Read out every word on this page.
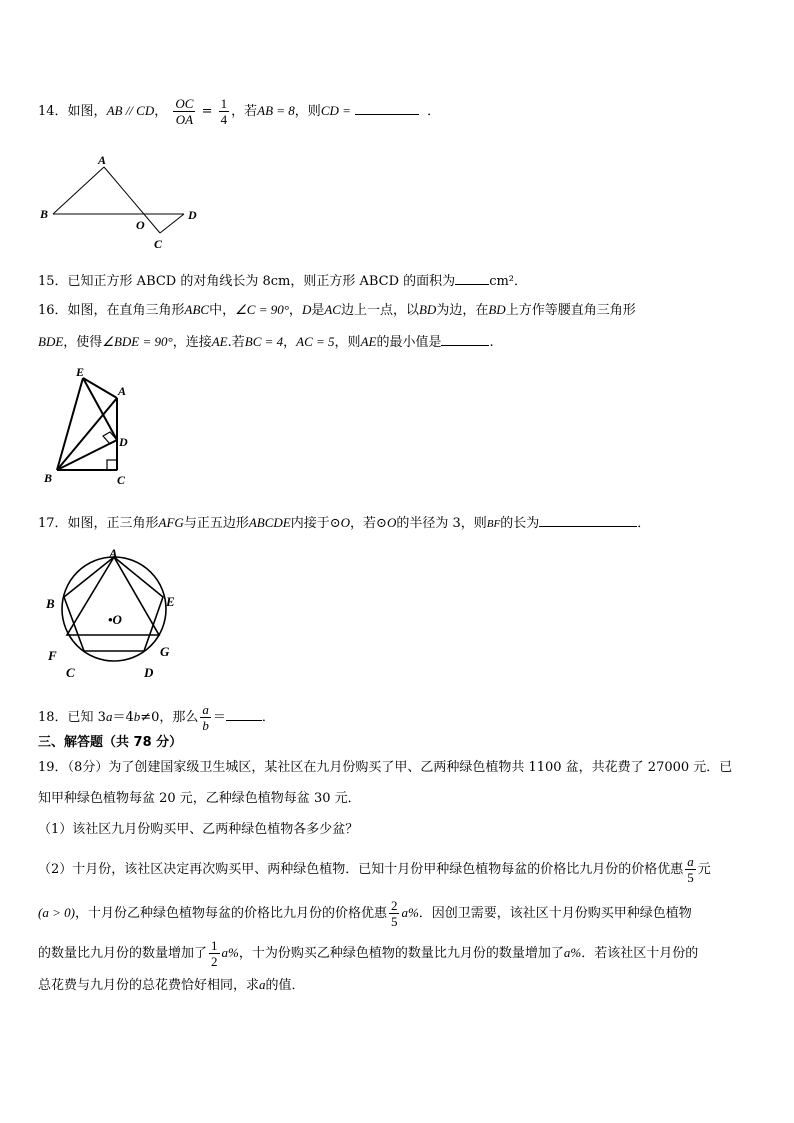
14．如图，AB // CD， $\frac{OC}{OA} = \frac{1}{4}$ ，若AB = 8，则CD =	．
A
B
O
C
D
15．已知正方形 ABCD 的对角线长为 8cm，则正方形 ABCD 的面积为	cm²．
16．如图，在直角三角形ABC中，∠C = 90°，D是AC边上一点，以BD为边，在BD上方作等腰直角三角形
BDE，使得∠BDE = 90°，连接AE.若BC = 4，AC = 5，则AE的最小值是	.
E
A
D
B	C
17．如图，正三角形AFG与正五边形ABCDE内接于⊙O，若⊙O的半径为 3，则BF的长为	．
A
B	E
•O
F	G
C	D
18．已知 3a＝4b≠0，那么 $\frac{a}{b}$ ＝	．
三、解答题（共 78 分）
19．（8分）为了创建国家级卫生城区，某社区在九月份购买了甲、乙两种绿色植物共 1100 盆，共花费了 27000 元．已
知甲种绿色植物每盆 20 元，乙种绿色植物每盆 30 元．
（1）该社区九月份购买甲、乙两种绿色植物各多少盆？
（2）十月份，该社区决定再次购买甲、两种绿色植物．已知十月份甲种绿色植物每盆的价格比九月份的价格优惠 $\frac{a}{5}$ 元
(a > 0)，十月份乙种绿色植物每盆的价格比九月份的价格优惠 $\frac{2}{5} a\%$．因创卫需要，该社区十月份购买甲种绿色植物
的数量比九月份的数量增加了 $\frac{1}{2} a\%$，十为份购买乙种绿色植物的数量比九月份的数量增加了a%．若该社区十月份的
总花费与九月份的总花费恰好相同，求a的值．
